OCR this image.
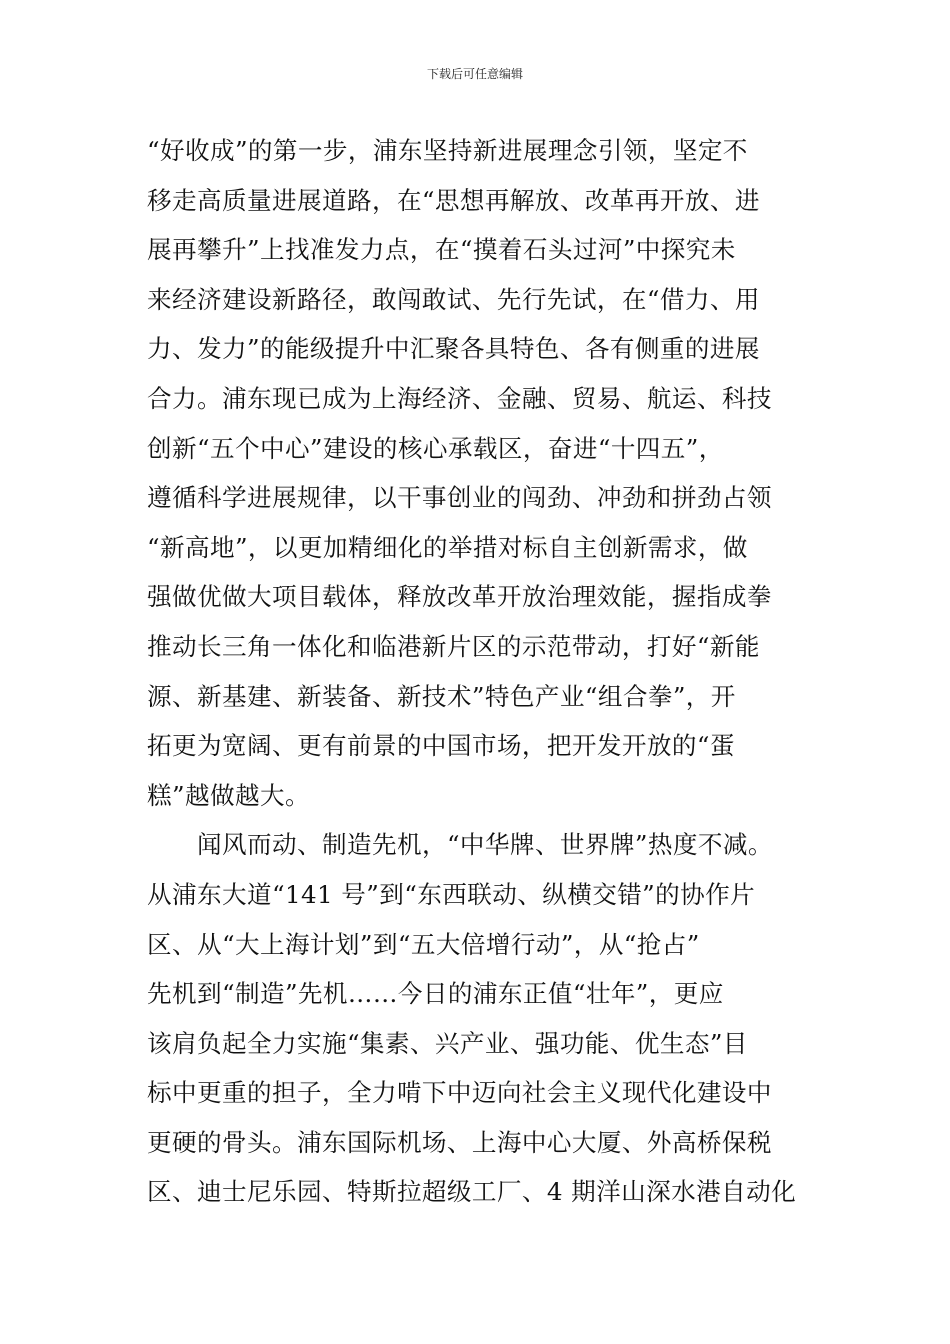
下载后可任意编辑
“好收成”的第一步，浦东坚持新进展理念引领，坚定不
移走高质量进展道路，在“思想再解放、改革再开放、进
展再攀升”上找准发力点，在“摸着石头过河”中探究未
来经济建设新路径，敢闯敢试、先行先试，在“借力、用
力、发力”的能级提升中汇聚各具特色、各有侧重的进展
合力。浦东现已成为上海经济、金融、贸易、航运、科技
创新“五个中心”建设的核心承载区，奋进“十四五”，
遵循科学进展规律，以干事创业的闯劲、冲劲和拼劲占领
“新高地”，以更加精细化的举措对标自主创新需求，做
强做优做大项目载体，释放改革开放治理效能，握指成拳
推动长三角一体化和临港新片区的示范带动，打好“新能
源、新基建、新装备、新技术”特色产业“组合拳”，开
拓更为宽阔、更有前景的中国市场，把开发开放的“蛋
糕”越做越大。
闻风而动、制造先机，“中华牌、世界牌”热度不减。
从浦东大道“141 号”到“东西联动、纵横交错”的协作片
区、从“大上海计划”到“五大倍增行动”，从“抢占”
先机到“制造”先机……今日的浦东正值“壮年”，更应
该肩负起全力实施“集素、兴产业、强功能、优生态”目
标中更重的担子，全力啃下中迈向社会主义现代化建设中
更硬的骨头。浦东国际机场、上海中心大厦、外高桥保税
区、迪士尼乐园、特斯拉超级工厂、4 期洋山深水港自动化
